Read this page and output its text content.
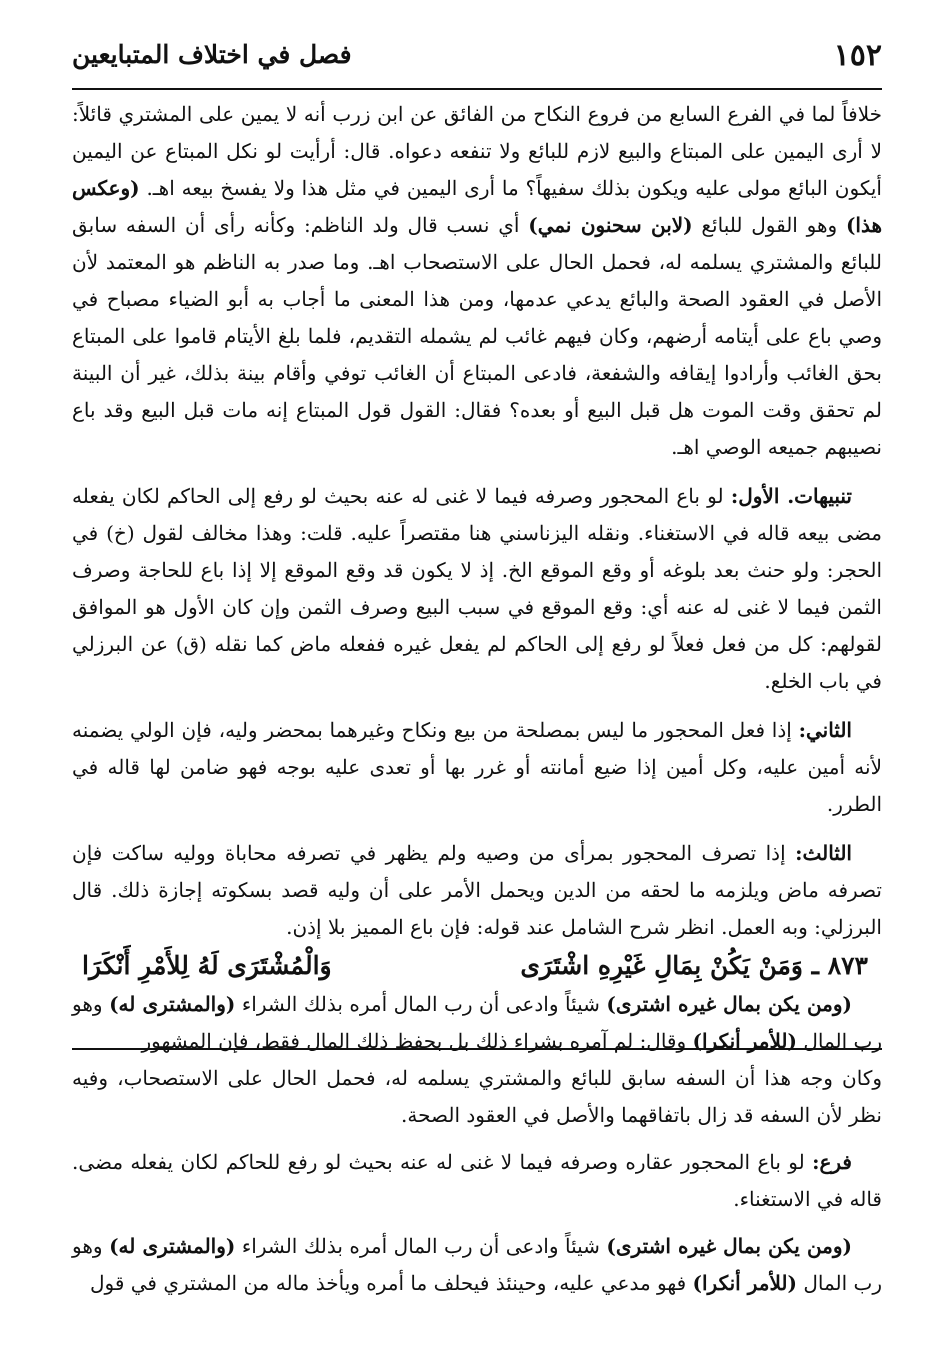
١٥٢
فصل في اختلاف المتبايعين

خلافاً لما في الفرع السابع من فروع النكاح من الفائق عن ابن زرب أنه لا يمين على المشتري قائلاً: لا أرى اليمين على المبتاع والبيع لازم للبائع ولا تنفعه دعواه. قال: أرأيت لو نكل المبتاع عن اليمين أيكون البائع مولى عليه ويكون بذلك سفيهاً؟ ما أرى اليمين في مثل هذا ولا يفسخ بيعه اهـ. (وعكس هذا) وهو القول للبائع (لابن سحنون نمي) أي نسب قال ولد الناظم: وكأنه رأى أن السفه سابق للبائع والمشتري يسلمه له، فحمل الحال على الاستصحاب اهـ. وما صدر به الناظم هو المعتمد لأن الأصل في العقود الصحة والبائع يدعي عدمها، ومن هذا المعنى ما أجاب به أبو الضياء مصباح في وصي باع على أيتامه أرضهم، وكان فيهم غائب لم يشمله التقديم، فلما بلغ الأيتام قاموا على المبتاع بحق الغائب وأرادوا إيقافه والشفعة، فادعى المبتاع أن الغائب توفي وأقام بينة بذلك، غير أن البينة لم تحقق وقت الموت هل قبل البيع أو بعده؟ فقال: القول قول المبتاع إنه مات قبل البيع وقد باع نصيبهم جميعه الوصي اهـ.

تنبيهات. الأول: لو باع المحجور وصرفه فيما لا غنى له عنه بحيث لو رفع إلى الحاكم لكان يفعله مضى بيعه قاله في الاستغناء. ونقله اليزناسني هنا مقتصراً عليه. قلت: وهذا مخالف لقول (خ) في الحجر: ولو حنث بعد بلوغه أو وقع الموقع الخ. إذ لا يكون قد وقع الموقع إلا إذا باع للحاجة وصرف الثمن فيما لا غنى له عنه أي: وقع الموقع في سبب البيع وصرف الثمن وإن كان الأول هو الموافق لقولهم: كل من فعل فعلاً لو رفع إلى الحاكم لم يفعل غيره ففعله ماض كما نقله (ق) عن البرزلي في باب الخلع.

الثاني: إذا فعل المحجور ما ليس بمصلحة من بيع ونكاح وغيرهما بمحضر وليه، فإن الولي يضمنه لأنه أمين عليه، وكل أمين إذا ضيع أمانته أو غرر بها أو تعدى عليه بوجه فهو ضامن لها قاله في الطرر.

الثالث: إذا تصرف المحجور بمرأى من وصيه ولم يظهر في تصرفه محاباة ووليه ساكت فإن تصرفه ماض ويلزمه ما لحقه من الدين ويحمل الأمر على أن وليه قصد بسكوته إجازة ذلك. قال البرزلي: وبه العمل. انظر شرح الشامل عند قوله: فإن باع المميز بلا إذن.

٨٧٣ ـ وَمَنْ يَكُنْ بِمَالِ غَيْرِهِ اشْتَرَى
وَالْمُشْتَرَى لَهُ لِلأَمْرِ أَنْكَرَا

(ومن يكن بمال غيره اشترى) شيئاً وادعى أن رب المال أمره بذلك الشراء (والمشترى له) وهو رب المال (للأمر أنكرا) وقال: لم آمره بشراء ذلك بل بحفظ ذلك المال فقط، فإن المشهور

وكان وجه هذا أن السفه سابق للبائع والمشتري يسلمه له، فحمل الحال على الاستصحاب، وفيه نظر لأن السفه قد زال باتفاقهما والأصل في العقود الصحة.

فرع: لو باع المحجور عقاره وصرفه فيما لا غنى له عنه بحيث لو رفع للحاكم لكان يفعله مضى. قاله في الاستغناء.

(ومن يكن بمال غيره اشترى) شيئاً وادعى أن رب المال أمره بذلك الشراء (والمشترى له) وهو رب المال (للأمر أنكرا) فهو مدعي عليه، وحينئذ فيحلف ما أمره ويأخذ ماله من المشتري في قول
